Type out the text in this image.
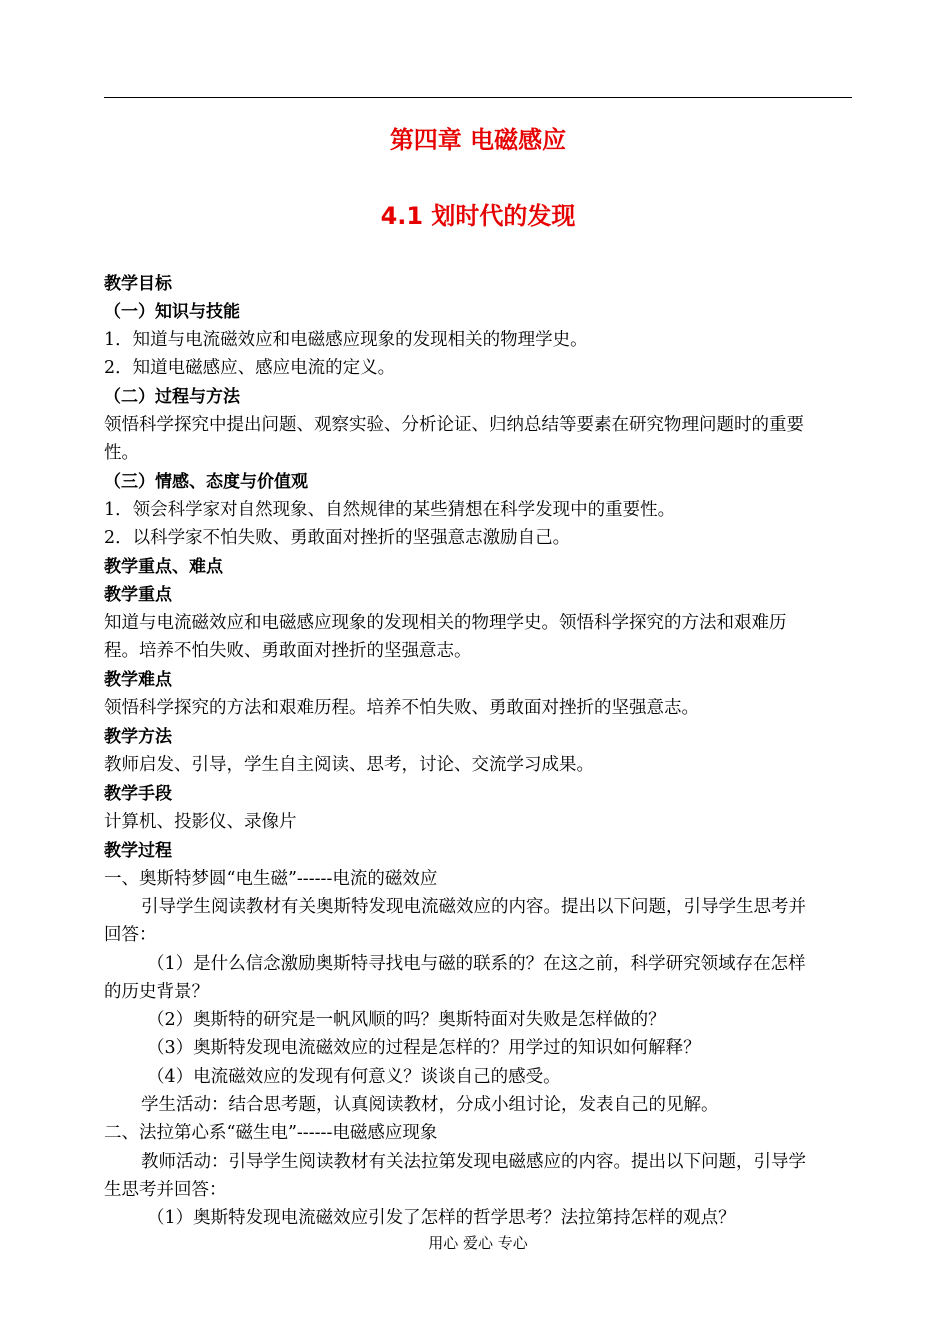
第四章 电磁感应
4.1 划时代的发现
教学目标
（一）知识与技能
1．知道与电流磁效应和电磁感应现象的发现相关的物理学史。
2．知道电磁感应、感应电流的定义。
（二）过程与方法
领悟科学探究中提出问题、观察实验、分析论证、归纳总结等要素在研究物理问题时的重要
性。
（三）情感、态度与价值观
1．领会科学家对自然现象、自然规律的某些猜想在科学发现中的重要性。
2．以科学家不怕失败、勇敢面对挫折的坚强意志激励自己。
教学重点、难点
教学重点
知道与电流磁效应和电磁感应现象的发现相关的物理学史。领悟科学探究的方法和艰难历
程。培养不怕失败、勇敢面对挫折的坚强意志。
教学难点
领悟科学探究的方法和艰难历程。培养不怕失败、勇敢面对挫折的坚强意志。
教学方法
教师启发、引导，学生自主阅读、思考，讨论、交流学习成果。
教学手段
计算机、投影仪、录像片
教学过程
一、奥斯特梦圆“电生磁”------电流的磁效应
引导学生阅读教材有关奥斯特发现电流磁效应的内容。提出以下问题，引导学生思考并
回答：
（1）是什么信念激励奥斯特寻找电与磁的联系的？在这之前，科学研究领域存在怎样
的历史背景？
（2）奥斯特的研究是一帆风顺的吗？奥斯特面对失败是怎样做的？
（3）奥斯特发现电流磁效应的过程是怎样的？用学过的知识如何解释？
（4）电流磁效应的发现有何意义？谈谈自己的感受。
学生活动：结合思考题，认真阅读教材，分成小组讨论，发表自己的见解。
二、法拉第心系“磁生电”------电磁感应现象
教师活动：引导学生阅读教材有关法拉第发现电磁感应的内容。提出以下问题，引导学
生思考并回答：
（1）奥斯特发现电流磁效应引发了怎样的哲学思考？法拉第持怎样的观点？
用心 爱心 专心
